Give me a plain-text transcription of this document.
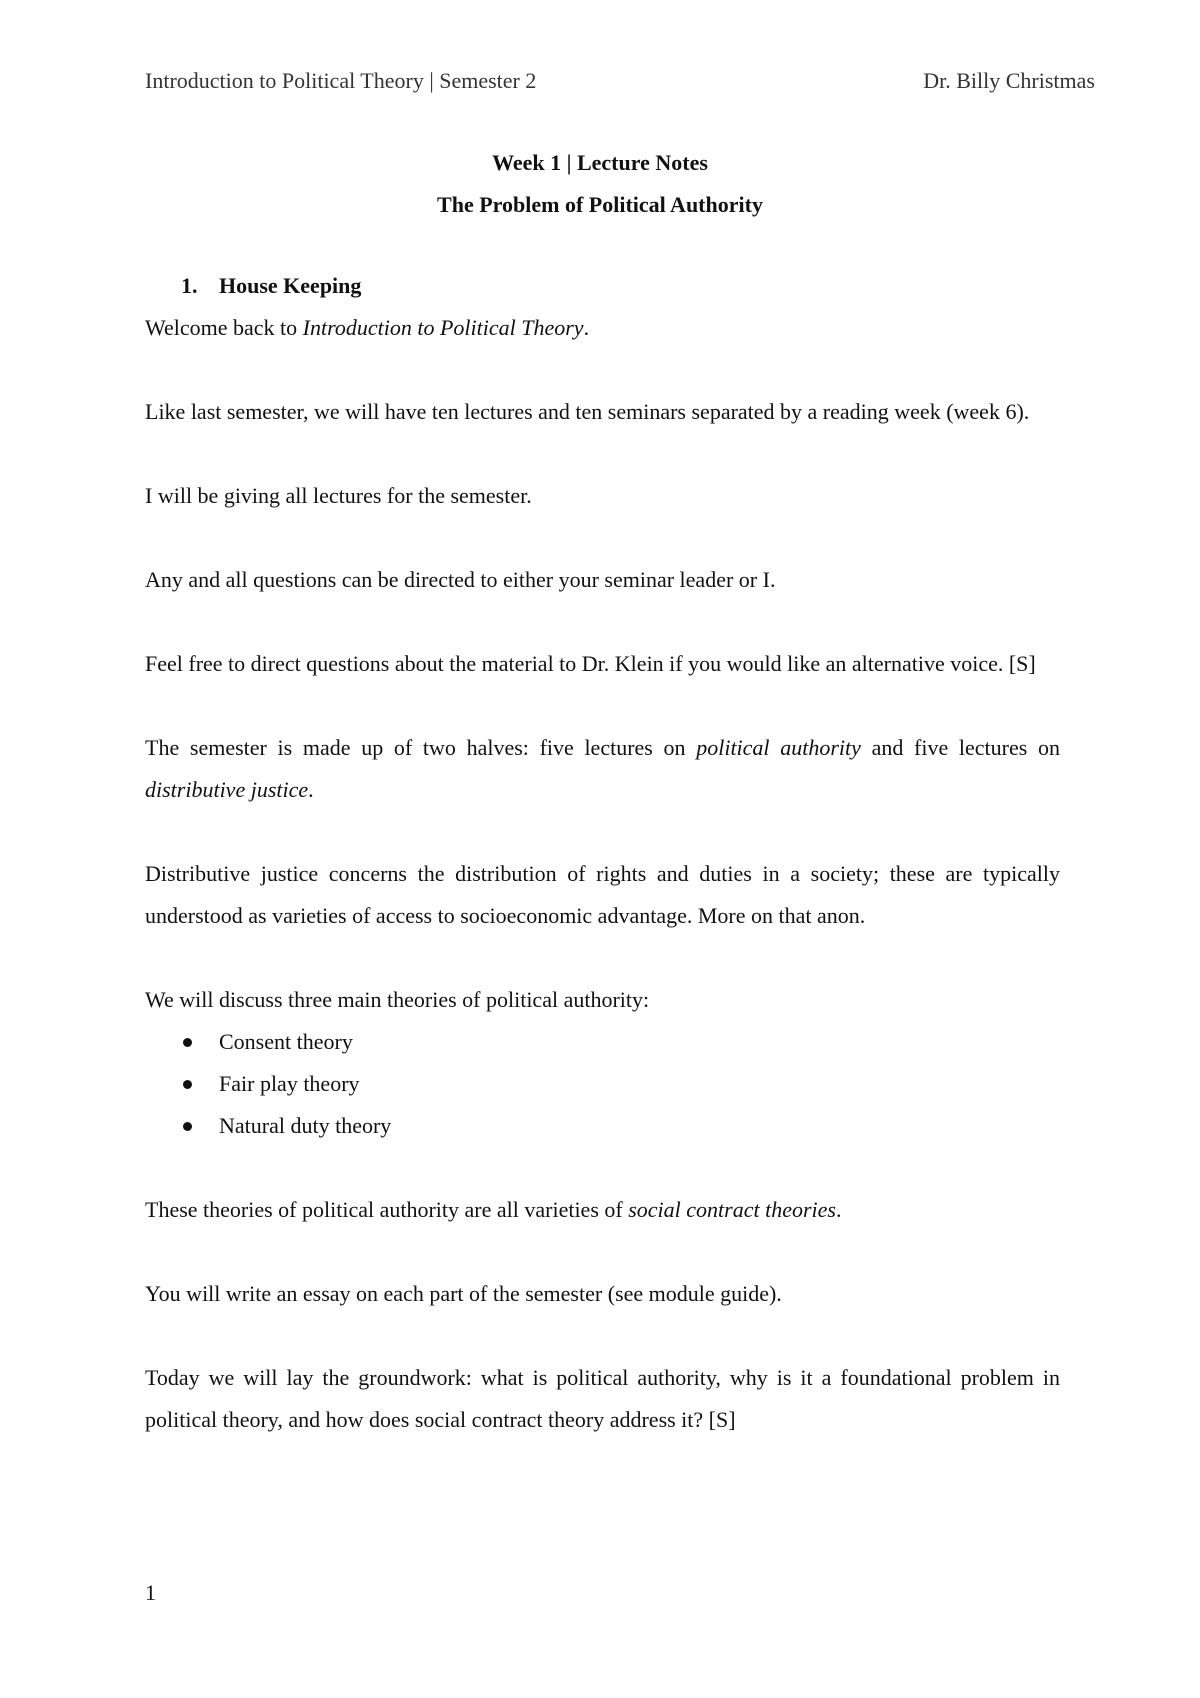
Introduction to Political Theory | Semester 2	Dr. Billy Christmas
Week 1 | Lecture Notes
The Problem of Political Authority
1. House Keeping

Welcome back to Introduction to Political Theory.

Like last semester, we will have ten lectures and ten seminars separated by a reading week (week 6).

I will be giving all lectures for the semester.

Any and all questions can be directed to either your seminar leader or I.

Feel free to direct questions about the material to Dr. Klein if you would like an alternative voice. [S]

The semester is made up of two halves: five lectures on political authority and five lectures on distributive justice.

Distributive justice concerns the distribution of rights and duties in a society; these are typically understood as varieties of access to socioeconomic advantage. More on that anon.

We will discuss three main theories of political authority:

Consent theory
Fair play theory
Natural duty theory

These theories of political authority are all varieties of social contract theories.

You will write an essay on each part of the semester (see module guide).

Today we will lay the groundwork: what is political authority, why is it a foundational problem in political theory, and how does social contract theory address it? [S]

1
